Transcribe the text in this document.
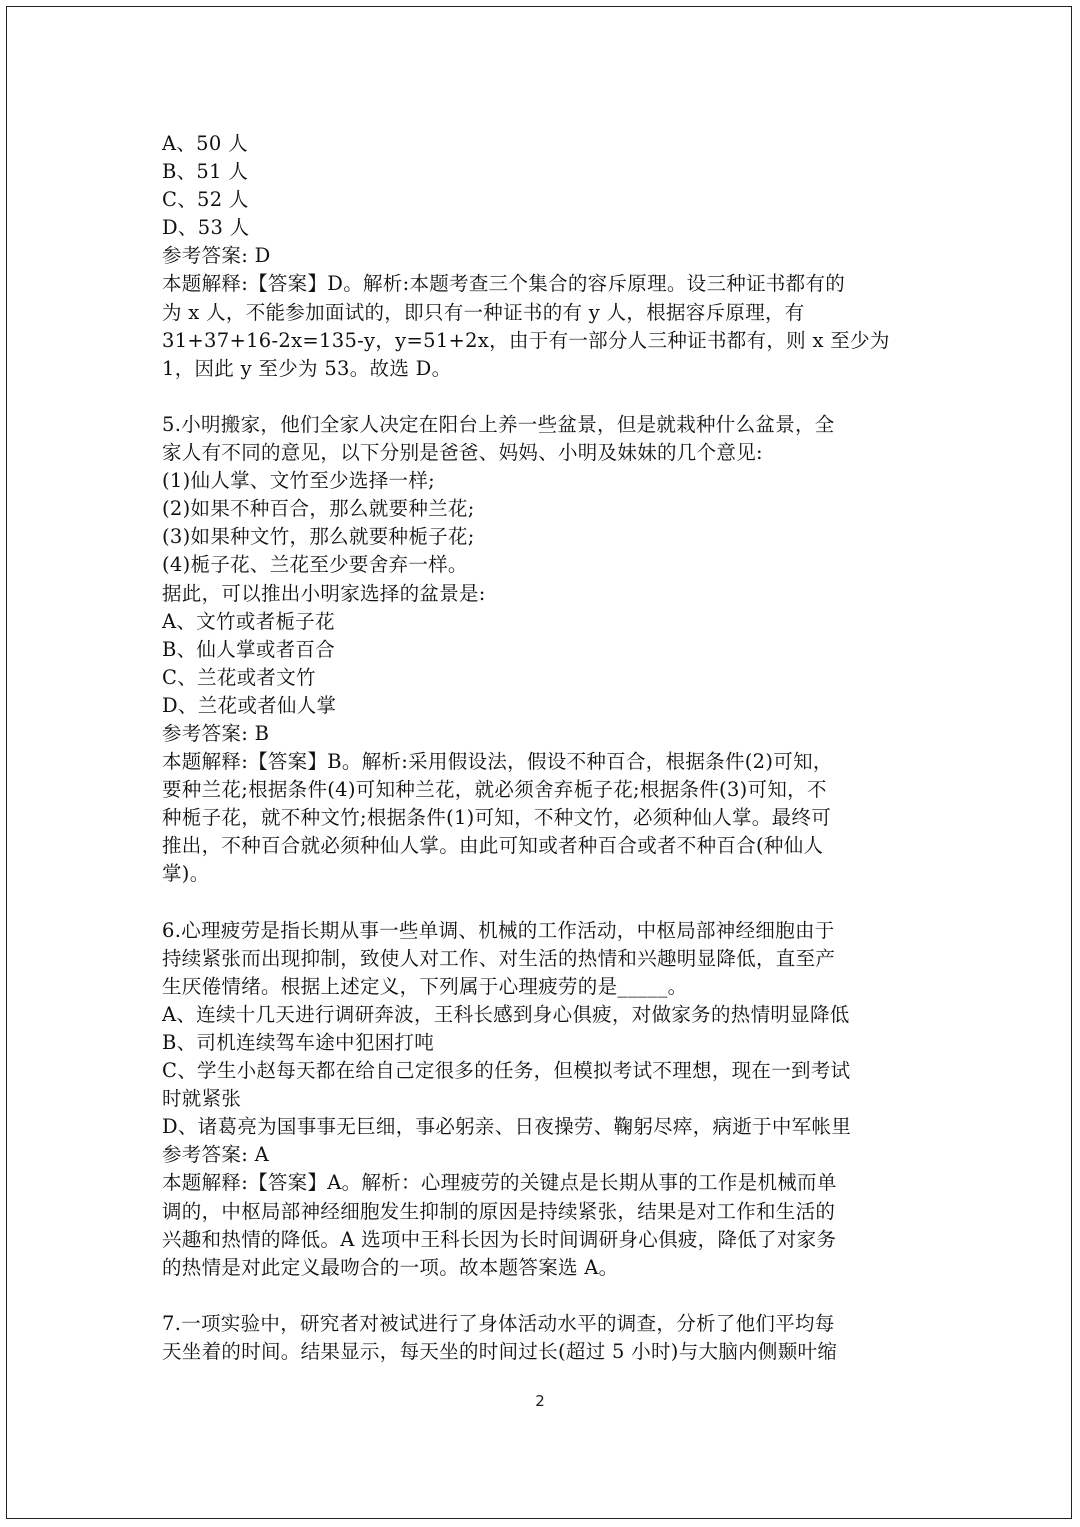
A、50 人
B、51 人
C、52 人
D、53 人
参考答案: D
本题解释:【答案】D。解析:本题考查三个集合的容斥原理。设三种证书都有的
为 x 人，不能参加面试的，即只有一种证书的有 y 人，根据容斥原理，有
31+37+16-2x=135-y，y=51+2x，由于有一部分人三种证书都有，则 x 至少为
1，因此 y 至少为 53。故选 D。
5.小明搬家，他们全家人决定在阳台上养一些盆景，但是就栽种什么盆景，全
家人有不同的意见，以下分别是爸爸、妈妈、小明及妹妹的几个意见:
(1)仙人掌、文竹至少选择一样;
(2)如果不种百合，那么就要种兰花;
(3)如果种文竹，那么就要种栀子花;
(4)栀子花、兰花至少要舍弃一样。
据此，可以推出小明家选择的盆景是:
A、文竹或者栀子花
B、仙人掌或者百合
C、兰花或者文竹
D、兰花或者仙人掌
参考答案: B
本题解释:【答案】B。解析:采用假设法，假设不种百合，根据条件(2)可知，
要种兰花;根据条件(4)可知种兰花，就必须舍弃栀子花;根据条件(3)可知，不
种栀子花，就不种文竹;根据条件(1)可知，不种文竹，必须种仙人掌。最终可
推出，不种百合就必须种仙人掌。由此可知或者种百合或者不种百合(种仙人
掌)。
6.心理疲劳是指长期从事一些单调、机械的工作活动，中枢局部神经细胞由于
持续紧张而出现抑制，致使人对工作、对生活的热情和兴趣明显降低，直至产
生厌倦情绪。根据上述定义，下列属于心理疲劳的是_____。
A、连续十几天进行调研奔波，王科长感到身心俱疲，对做家务的热情明显降低
B、司机连续驾车途中犯困打吨
C、学生小赵每天都在给自己定很多的任务，但模拟考试不理想，现在一到考试
时就紧张
D、诸葛亮为国事事无巨细，事必躬亲、日夜操劳、鞠躬尽瘁，病逝于中军帐里
参考答案: A
本题解释:【答案】A。解析：心理疲劳的关键点是长期从事的工作是机械而单
调的，中枢局部神经细胞发生抑制的原因是持续紧张，结果是对工作和生活的
兴趣和热情的降低。A 选项中王科长因为长时间调研身心俱疲，降低了对家务
的热情是对此定义最吻合的一项。故本题答案选 A。
7.一项实验中，研究者对被试进行了身体活动水平的调查，分析了他们平均每
天坐着的时间。结果显示，每天坐的时间过长(超过 5 小时)与大脑内侧颞叶缩
2
